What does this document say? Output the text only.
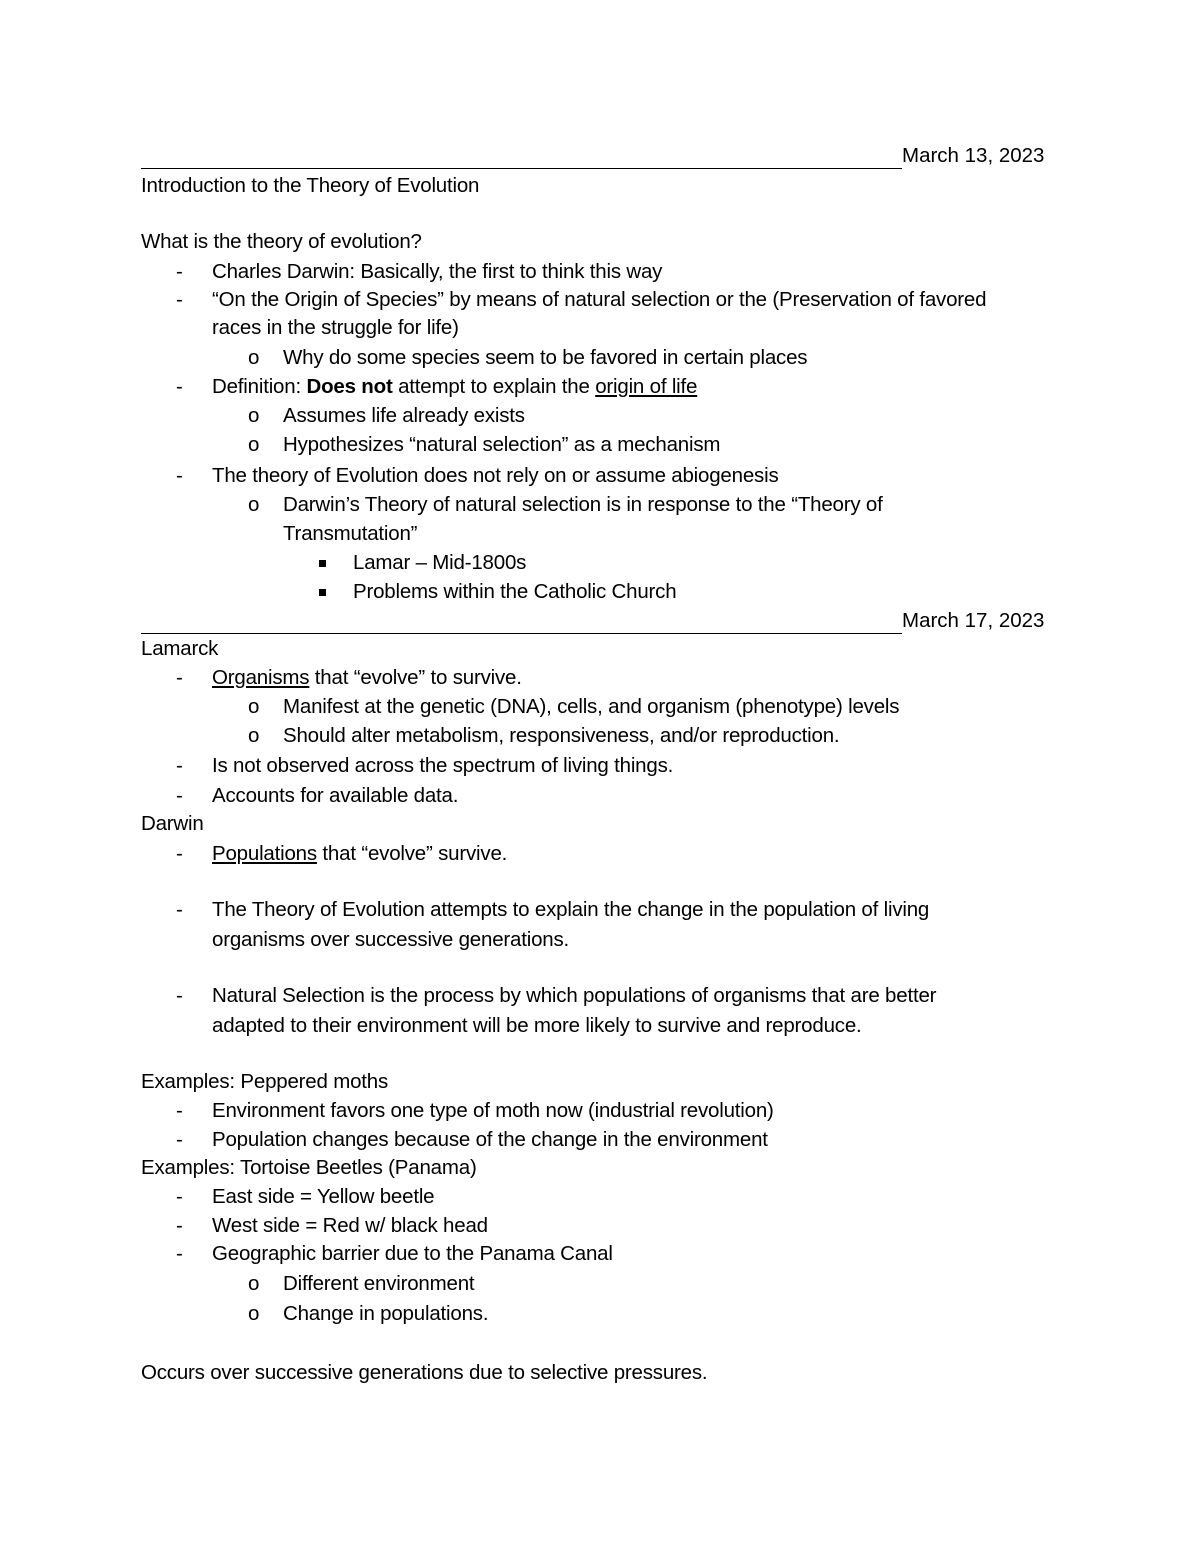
March 13, 2023
Introduction to the Theory of Evolution
What is the theory of evolution?
- Charles Darwin: Basically, the first to think this way
- “On the Origin of Species” by means of natural selection or the (Preservation of favored
races in the struggle for life)
o Why do some species seem to be favored in certain places
- Definition: Does not attempt to explain the origin of life
o Assumes life already exists
o Hypothesizes “natural selection” as a mechanism
- The theory of Evolution does not rely on or assume abiogenesis
o Darwin’s Theory of natural selection is in response to the “Theory of
Transmutation”
Lamar – Mid-1800s
Problems within the Catholic Church
March 17, 2023
Lamarck
- Organisms that “evolve” to survive.
o Manifest at the genetic (DNA), cells, and organism (phenotype) levels
o Should alter metabolism, responsiveness, and/or reproduction.
- Is not observed across the spectrum of living things.
- Accounts for available data.
Darwin
- Populations that “evolve” survive.
- The Theory of Evolution attempts to explain the change in the population of living
organisms over successive generations.
- Natural Selection is the process by which populations of organisms that are better
adapted to their environment will be more likely to survive and reproduce.
Examples: Peppered moths
- Environment favors one type of moth now (industrial revolution)
- Population changes because of the change in the environment
Examples: Tortoise Beetles (Panama)
- East side = Yellow beetle
- West side = Red w/ black head
- Geographic barrier due to the Panama Canal
o Different environment
o Change in populations.
Occurs over successive generations due to selective pressures.
